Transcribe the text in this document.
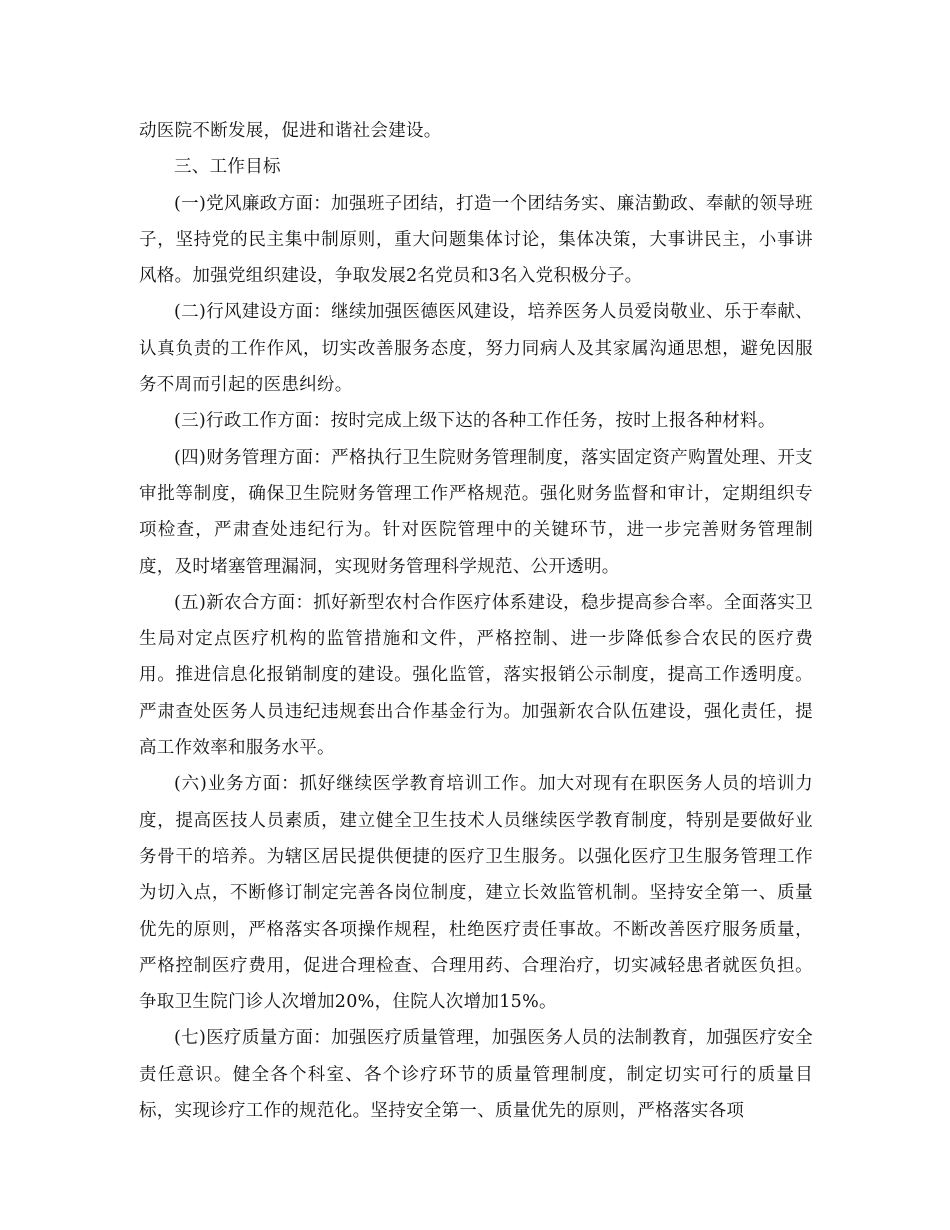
动医院不断发展，促进和谐社会建设。

三、工作目标

(一)党风廉政方面：加强班子团结，打造一个团结务实、廉洁勤政、奉献的领导班子，坚持党的民主集中制原则，重大问题集体讨论，集体决策，大事讲民主，小事讲风格。加强党组织建设，争取发展2名党员和3名入党积极分子。

(二)行风建设方面：继续加强医德医风建设，培养医务人员爱岗敬业、乐于奉献、认真负责的工作作风，切实改善服务态度，努力同病人及其家属沟通思想，避免因服务不周而引起的医患纠纷。

(三)行政工作方面：按时完成上级下达的各种工作任务，按时上报各种材料。

(四)财务管理方面：严格执行卫生院财务管理制度，落实固定资产购置处理、开支审批等制度，确保卫生院财务管理工作严格规范。强化财务监督和审计，定期组织专项检查，严肃查处违纪行为。针对医院管理中的关键环节，进一步完善财务管理制度，及时堵塞管理漏洞，实现财务管理科学规范、公开透明。

(五)新农合方面：抓好新型农村合作医疗体系建设，稳步提高参合率。全面落实卫生局对定点医疗机构的监管措施和文件，严格控制、进一步降低参合农民的医疗费用。推进信息化报销制度的建设。强化监管，落实报销公示制度，提高工作透明度。严肃查处医务人员违纪违规套出合作基金行为。加强新农合队伍建设，强化责任，提高工作效率和服务水平。

(六)业务方面：抓好继续医学教育培训工作。加大对现有在职医务人员的培训力度，提高医技人员素质，建立健全卫生技术人员继续医学教育制度，特别是要做好业务骨干的培养。为辖区居民提供便捷的医疗卫生服务。以强化医疗卫生服务管理工作为切入点，不断修订制定完善各岗位制度，建立长效监管机制。坚持安全第一、质量优先的原则，严格落实各项操作规程，杜绝医疗责任事故。不断改善医疗服务质量，严格控制医疗费用，促进合理检查、合理用药、合理治疗，切实减轻患者就医负担。争取卫生院门诊人次增加20%，住院人次增加15%。

(七)医疗质量方面：加强医疗质量管理，加强医务人员的法制教育，加强医疗安全责任意识。健全各个科室、各个诊疗环节的质量管理制度，制定切实可行的质量目标，实现诊疗工作的规范化。坚持安全第一、质量优先的原则，严格落实各项
